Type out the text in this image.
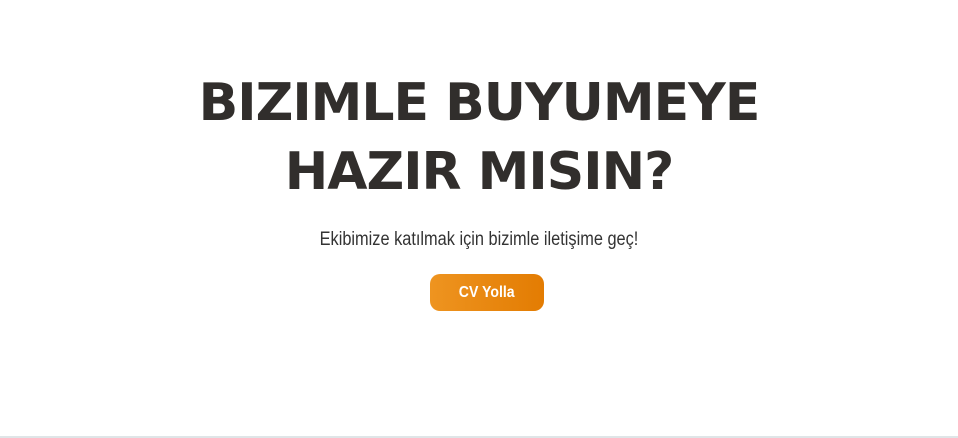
BIZIMLE BUYUMEYE
HAZIR MISIN?

Ekibimize katılmak için bizimle iletişime geç!

CV Yolla
